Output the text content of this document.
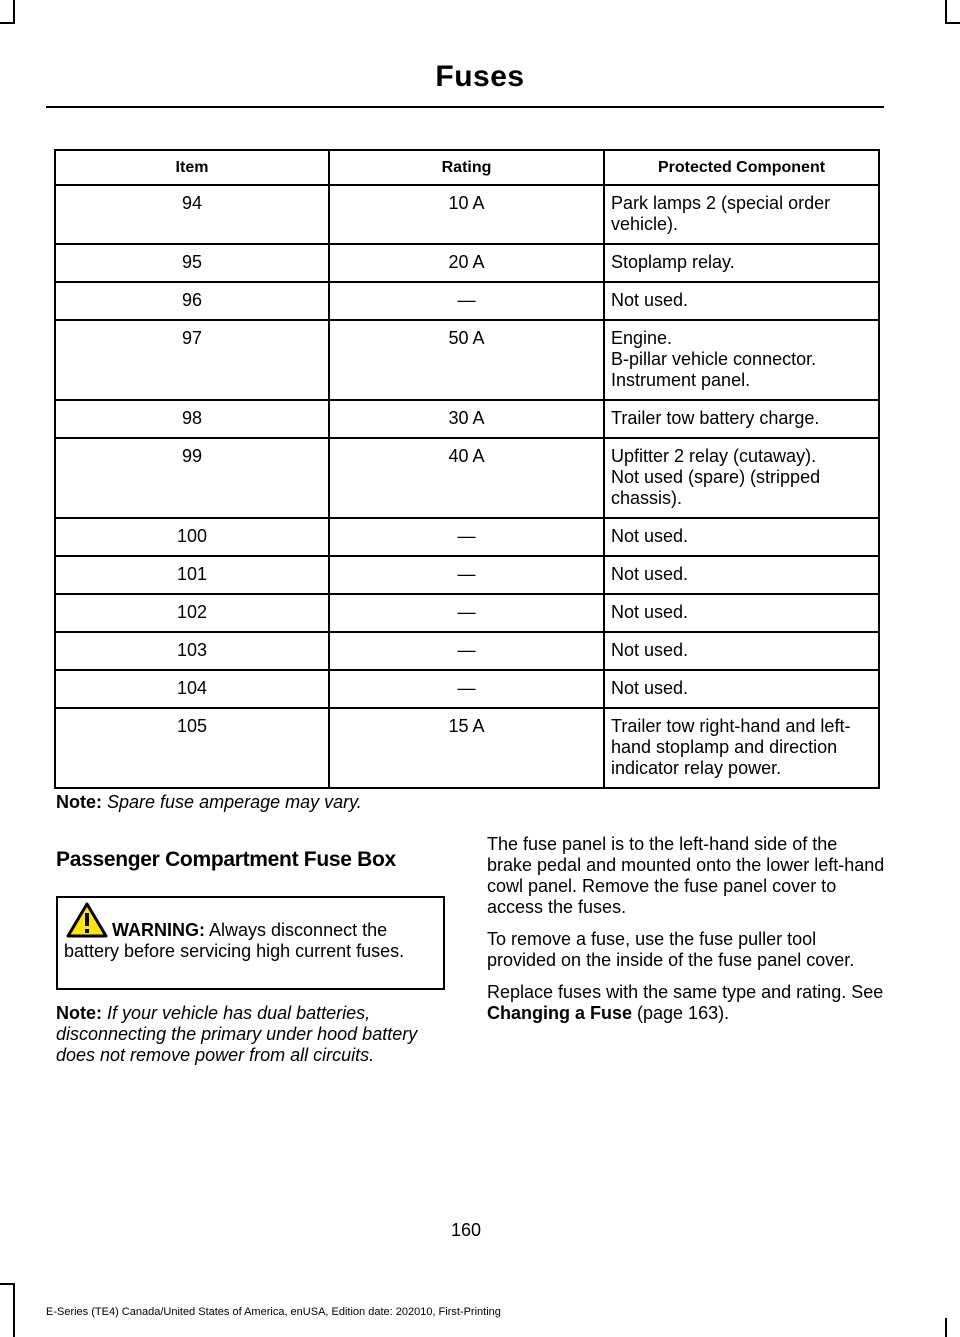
Fuses
Item	Rating	Protected Component
94	10 A	Park lamps 2 (special order vehicle).

95	20 A	Stoplamp relay.

96	—	Not used.

97	50 A	Engine.
B-pillar vehicle connector.
Instrument panel.

98	30 A	Trailer tow battery charge.

99	40 A	Upfitter 2 relay (cutaway).
Not used (spare) (stripped chassis).

100	—	Not used.

101	—	Not used.

102	—	Not used.

103	—	Not used.

104	—	Not used.

105	15 A	Trailer tow right-hand and left-hand stoplamp and direction indicator relay power.
Note: Spare fuse amperage may vary.
Passenger Compartment Fuse Box

WARNING: Always disconnect the battery before servicing high current fuses.

Note: If your vehicle has dual batteries, disconnecting the primary under hood battery does not remove power from all circuits.

The fuse panel is to the left-hand side of the brake pedal and mounted onto the lower left-hand cowl panel. Remove the fuse panel cover to access the fuses.

To remove a fuse, use the fuse puller tool provided on the inside of the fuse panel cover.

Replace fuses with the same type and rating. See Changing a Fuse (page 163).

160
E-Series (TE4) Canada/United States of America, enUSA, Edition date: 202010, First-Printing
